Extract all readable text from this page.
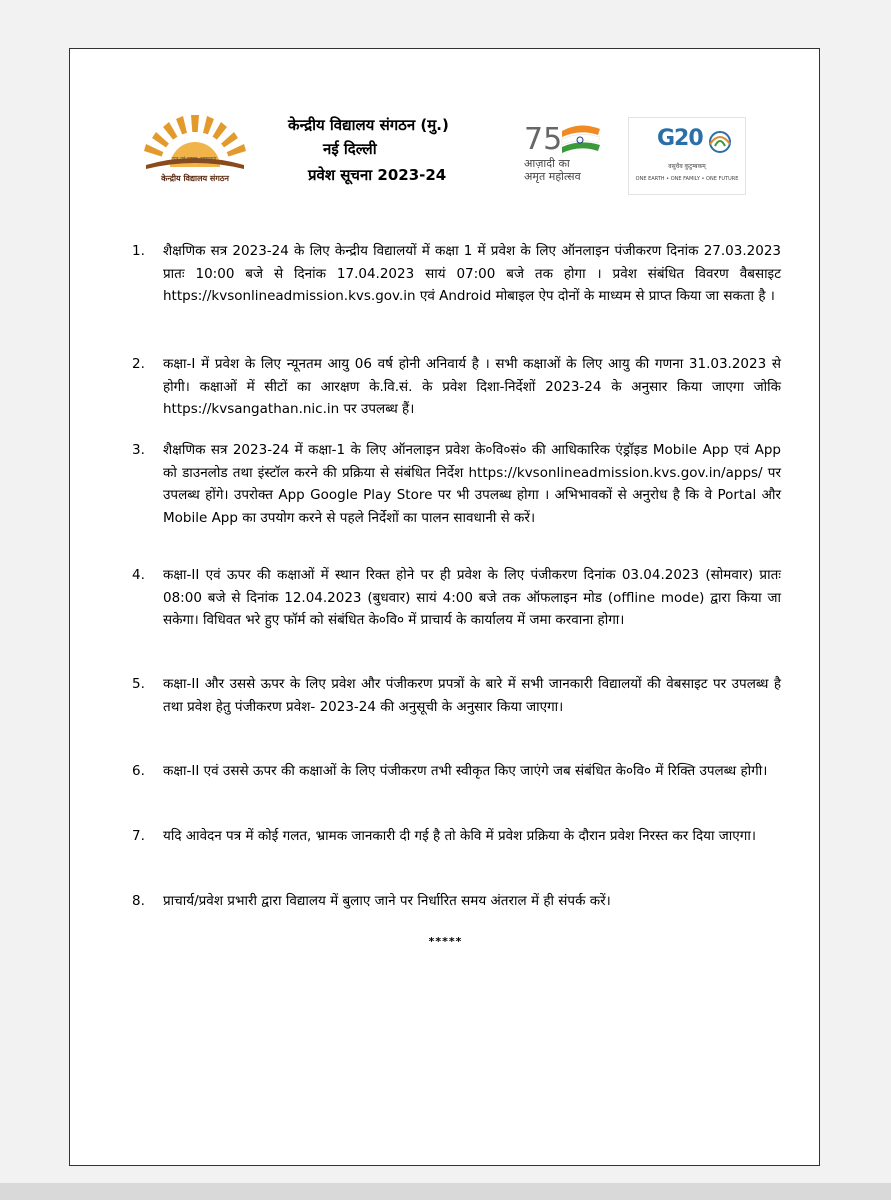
तत् त्वं पूषन् अपावृणु
केन्द्रीय विद्यालय संगठन
केन्द्रीय विद्यालय संगठन (मु.)
नई दिल्ली
प्रवेश सूचना 2023-24
75
आज़ादी का
अमृत महोत्सव
G20
वसुधैव कुटुम्बकम्
ONE EARTH • ONE FAMILY • ONE FUTURE
1.	शैक्षणिक सत्र 2023-24 के लिए केन्द्रीय विद्यालयों में कक्षा 1 में प्रवेश के लिए ऑनलाइन पंजीकरण दिनांक 27.03.2023 प्रातः 10:00 बजे से दिनांक 17.04.2023 सायं 07:00 बजे तक होगा । प्रवेश संबंधित विवरण वैबसाइट https://kvsonlineadmission.kvs.gov.in एवं Android मोबाइल ऐप दोनों के माध्यम से प्राप्त किया जा सकता है ।
2.	कक्षा-I में प्रवेश के लिए न्यूनतम आयु 06 वर्ष होनी अनिवार्य है । सभी कक्षाओं के लिए आयु की गणना 31.03.2023 से होगी। कक्षाओं में सीटों का आरक्षण के.वि.सं. के प्रवेश दिशा-निर्देशों 2023-24 के अनुसार किया जाएगा जोकि https://kvsangathan.nic.in पर उपलब्ध हैं।
3.	शैक्षणिक सत्र 2023-24 में कक्षा-1 के लिए ऑनलाइन प्रवेश के०वि०सं० की आधिकारिक एंड्रॉइड Mobile App एवं App को डाउनलोड तथा इंस्टॉल करने की प्रक्रिया से संबंधित निर्देश https://kvsonlineadmission.kvs.gov.in/apps/ पर उपलब्ध होंगे। उपरोक्त App Google Play Store पर भी उपलब्ध होगा । अभिभावकों से अनुरोध है कि वे Portal और Mobile App का उपयोग करने से पहले निर्देशों का पालन सावधानी से करें।
4.	कक्षा-II एवं ऊपर की कक्षाओं में स्थान रिक्त होने पर ही प्रवेश के लिए पंजीकरण दिनांक 03.04.2023 (सोमवार) प्रातः 08:00 बजे से दिनांक 12.04.2023 (बुधवार) सायं 4:00 बजे तक ऑफलाइन मोड (offline mode) द्वारा किया जा सकेगा। विधिवत भरे हुए फॉर्म को संबंधित के०वि० में प्राचार्य के कार्यालय में जमा करवाना होगा।
5.	कक्षा-II और उससे ऊपर के लिए प्रवेश और पंजीकरण प्रपत्रों के बारे में सभी जानकारी विद्यालयों की वेबसाइट पर उपलब्ध है तथा प्रवेश हेतु पंजीकरण प्रवेश- 2023-24 की अनुसूची के अनुसार किया जाएगा।
6.	कक्षा-II एवं उससे ऊपर की कक्षाओं के लिए पंजीकरण तभी स्वीकृत किए जाएंगे जब संबंधित के०वि० में रिक्ति उपलब्ध होगी।
7.	यदि आवेदन पत्र में कोई गलत, भ्रामक जानकारी दी गई है तो केवि में प्रवेश प्रक्रिया के दौरान प्रवेश निरस्त कर दिया जाएगा।
8.	प्राचार्य/प्रवेश प्रभारी द्वारा विद्यालय में बुलाए जाने पर निर्धारित समय अंतराल में ही संपर्क करें।
*****
